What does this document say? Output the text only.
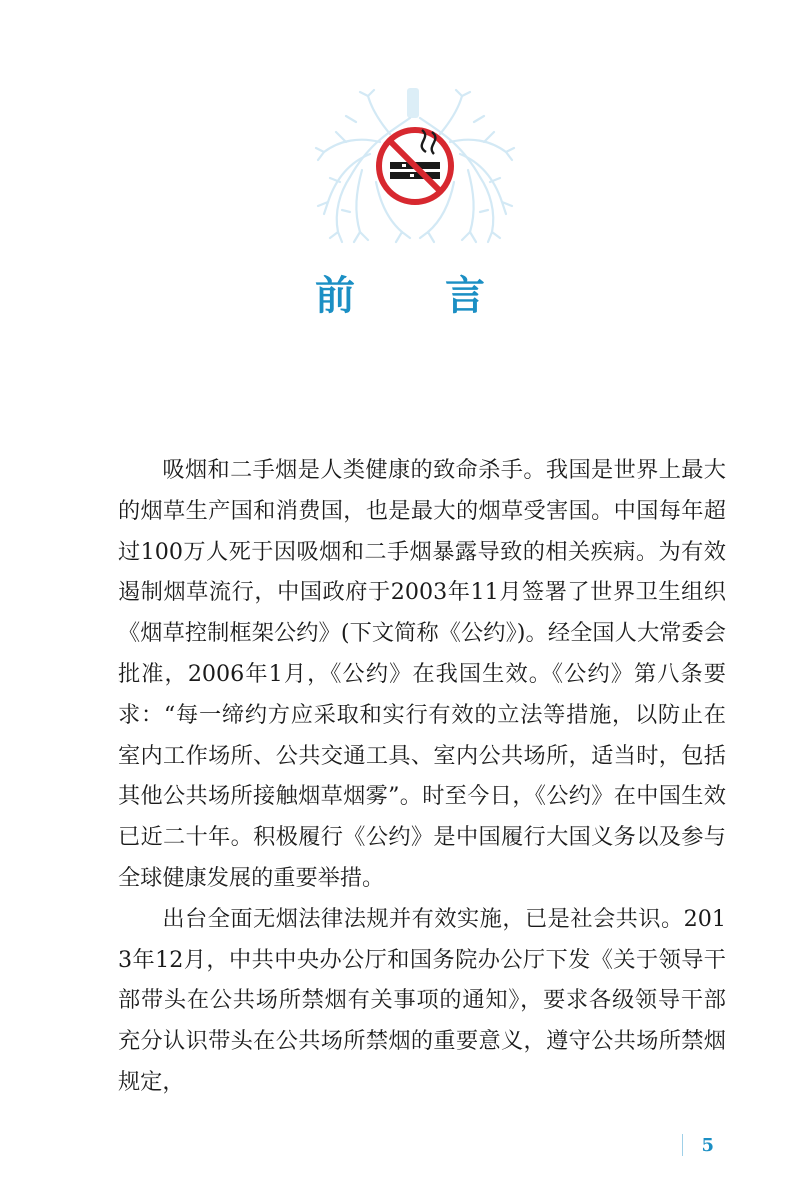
前 言

吸烟和二手烟是人类健康的致命杀手。我国是世界上最大的烟草生产国和消费国，也是最大的烟草受害国。中国每年超过100万人死于因吸烟和二手烟暴露导致的相关疾病。为有效遏制烟草流行，中国政府于2003年11月签署了世界卫生组织《烟草控制框架公约》(下文简称《公约》)。经全国人大常委会批准，2006年1月，《公约》在我国生效。《公约》第八条要求：“每一缔约方应采取和实行有效的立法等措施，以防止在室内工作场所、公共交通工具、室内公共场所，适当时，包括其他公共场所接触烟草烟雾”。时至今日，《公约》在中国生效已近二十年。积极履行《公约》是中国履行大国义务以及参与全球健康发展的重要举措。

出台全面无烟法律法规并有效实施，已是社会共识。2013年12月，中共中央办公厅和国务院办公厅下发《关于领导干部带头在公共场所禁烟有关事项的通知》，要求各级领导干部充分认识带头在公共场所禁烟的重要意义，遵守公共场所禁烟规定，

5
